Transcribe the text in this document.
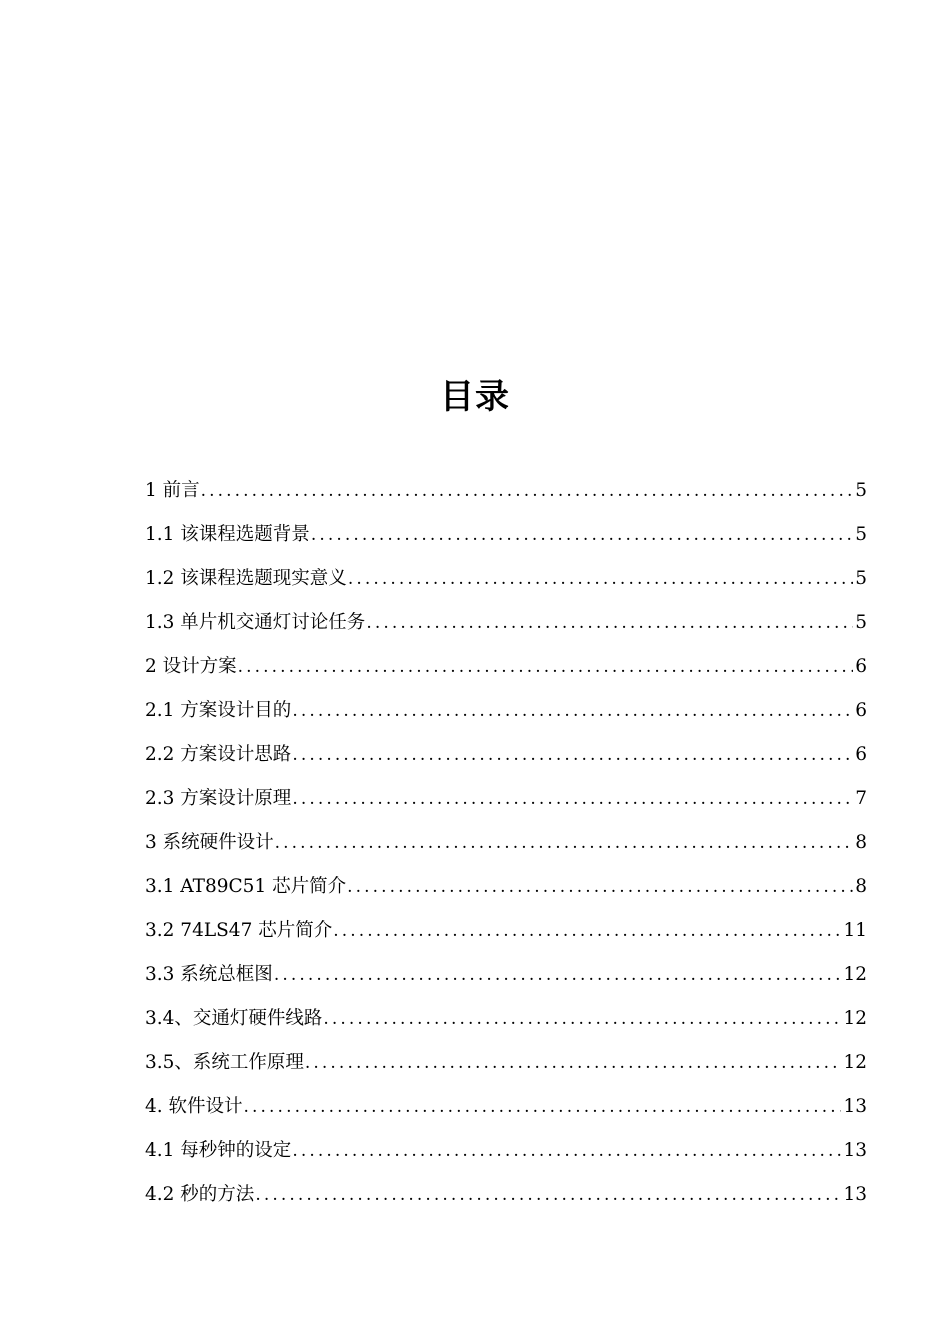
目录
1 前言 .....	5
1.1 该课程选题背景 .....	5
1.2 该课程选题现实意义 .....	5
1.3 单片机交通灯讨论任务 .....	5
2 设计方案 .....	6
2.1 方案设计目的 .....	6
2.2 方案设计思路 .....	6
2.3 方案设计原理 .....	7
3 系统硬件设计 .....	8
3.1 AT89C51 芯片简介 .....	8
3.2 74LS47 芯片简介 .....	11
3.3 系统总框图 .....	12
3.4、交通灯硬件线路 .....	12
3.5、系统工作原理 .....	12
4. 软件设计 .....	13
4.1 每秒钟的设定 .....	13
4.2 秒的方法 .....	13
